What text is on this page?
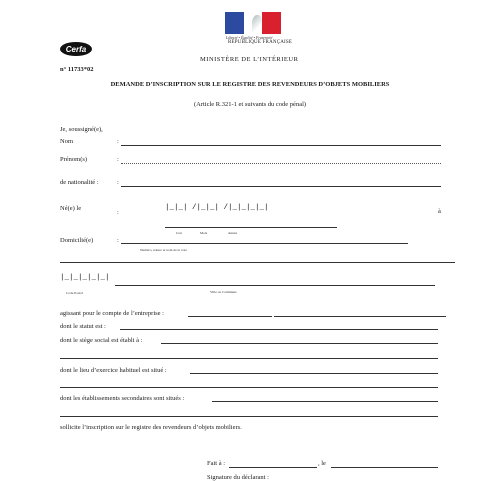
Liberté • Égalité • Fraternité
RÉPUBLIQUE FRANÇAISE
Cerfa
MINISTÈRE DE L’INTÉRIEUR
n° 11733*02
DEMANDE D’INSCRIPTION SUR LE REGISTRE DES REVENDEURS D’OBJETS MOBILIERS
(Article R.321-1 et suivants du code pénal)
Je, soussigné(e),
Nom	:
Prénom(s)	:
de nationalité :	:
Né(e) le
:
|_|_| /|_|_| /|_|_|_|_|	à
Jour	Mois	Année
Domicilié(e)	:
Numéro, nature et nom de la voie
|_|_|_|_|_|
Code Postal	Ville ou Commune
agissant pour le compte de l’entreprise :
dont le statut est :
dont le siège social est établi à :
dont le lieu d’exercice habituel est situé :
dont les établissements secondaires sont situés :
sollicite l’inscription sur le registre des revendeurs d’objets mobiliers.
Fait à :	, le
Signature du déclarant :
